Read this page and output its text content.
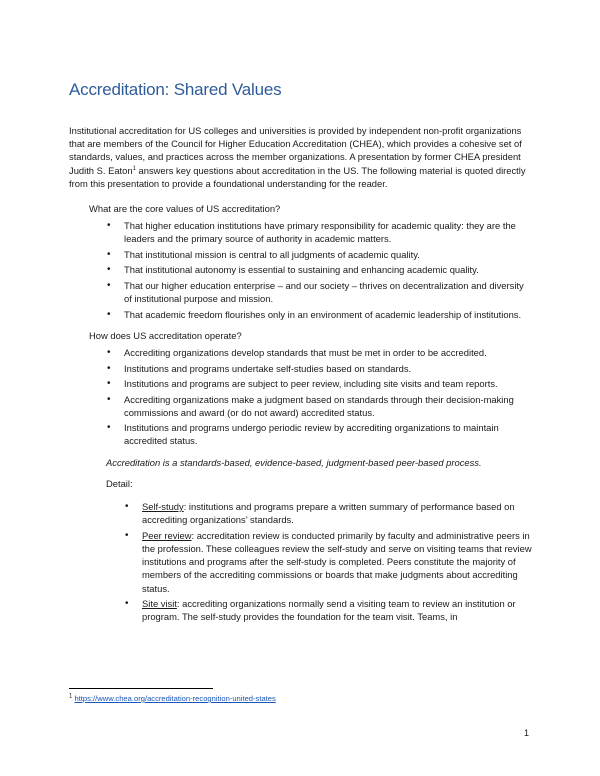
Accreditation: Shared Values

Institutional accreditation for US colleges and universities is provided by independent non-profit organizations that are members of the Council for Higher Education Accreditation (CHEA), which provides a cohesive set of standards, values, and practices across the member organizations. A presentation by former CHEA president Judith S. Eaton$^1$ answers key questions about accreditation in the US. The following material is quoted directly from this presentation to provide a foundational understanding for the reader.

What are the core values of US accreditation?

• That higher education institutions have primary responsibility for academic quality: they are the leaders and the primary source of authority in academic matters.
• That institutional mission is central to all judgments of academic quality.
• That institutional autonomy is essential to sustaining and enhancing academic quality.
• That our higher education enterprise – and our society – thrives on decentralization and diversity of institutional purpose and mission.
• That academic freedom flourishes only in an environment of academic leadership of institutions.

How does US accreditation operate?

• Accrediting organizations develop standards that must be met in order to be accredited.
• Institutions and programs undertake self-studies based on standards.
• Institutions and programs are subject to peer review, including site visits and team reports.
• Accrediting organizations make a judgment based on standards through their decision-making commissions and award (or do not award) accredited status.
• Institutions and programs undergo periodic review by accrediting organizations to maintain accredited status.

Accreditation is a standards-based, evidence-based, judgment-based peer-based process.

Detail:

• Self-study: institutions and programs prepare a written summary of performance based on accrediting organizations’ standards.
• Peer review: accreditation review is conducted primarily by faculty and administrative peers in the profession. These colleagues review the self-study and serve on visiting teams that review institutions and programs after the self-study is completed. Peers constitute the majority of members of the accrediting commissions or boards that make judgments about accrediting status.
• Site visit: accrediting organizations normally send a visiting team to review an institution or program. The self-study provides the foundation for the team visit. Teams, in
$^1$ https://www.chea.org/accreditation-recognition-united-states
1
